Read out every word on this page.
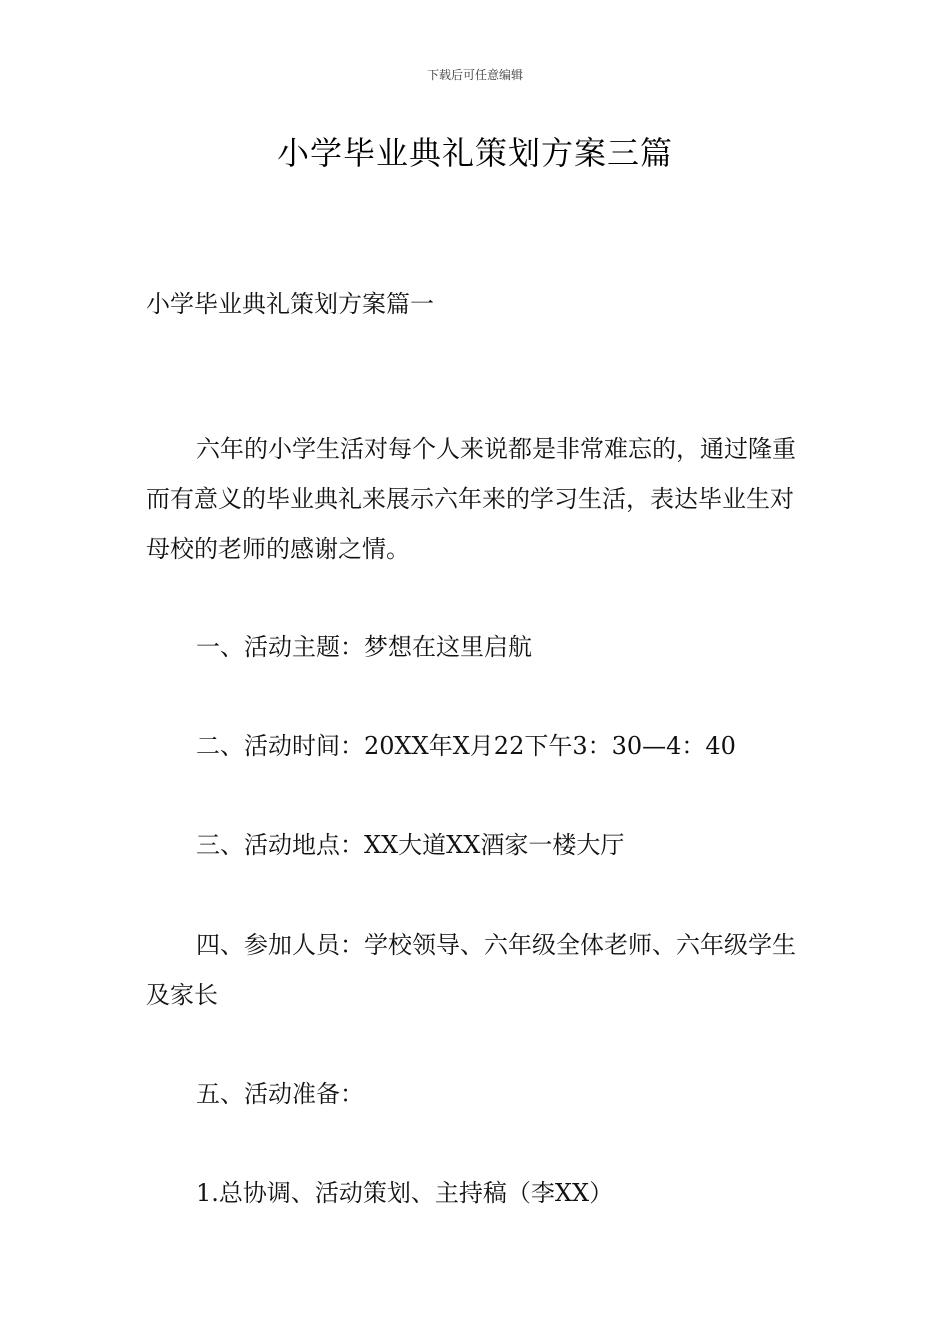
下载后可任意编辑
小学毕业典礼策划方案三篇
小学毕业典礼策划方案篇一

六年的小学生活对每个人来说都是非常难忘的，通过隆重而有意义的毕业典礼来展示六年来的学习生活，表达毕业生对母校的老师的感谢之情。

一、活动主题：梦想在这里启航

二、活动时间：20XX年X月22下午3：30—4：40

三、活动地点：XX大道XX酒家一楼大厅

四、参加人员：学校领导、六年级全体老师、六年级学生及家长

五、活动准备：

1.总协调、活动策划、主持稿（李XX）
